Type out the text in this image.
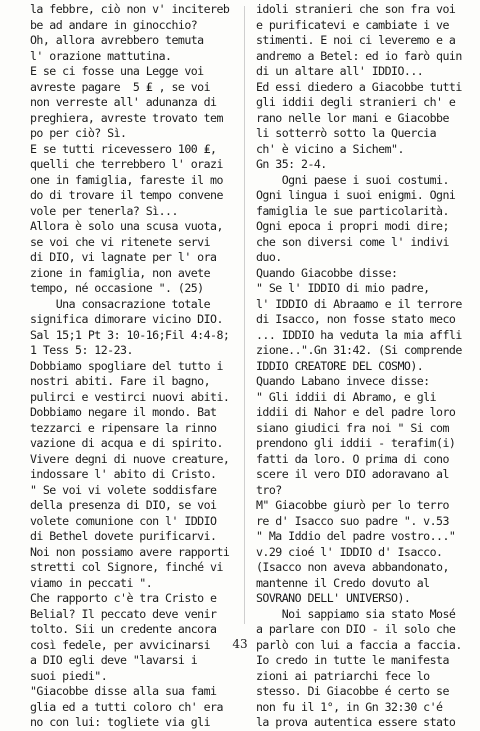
la febbre, ciò non v' incitereb
be ad andare in ginocchio?
Oh, allora avrebbero temuta
l' orazione mattutina.
E se ci fosse una Legge voi
avreste pagare  5 ₤ , se voi
non verreste all' adunanza di
preghiera, avreste trovato tem
po per ciò? Sì.
E se tutti ricevessero 100 ₤,
quelli che terrebbero l' orazi
one in famiglia, fareste il mo
do di trovare il tempo convene
vole per tenerla? Sì...
Allora è solo una scusa vuota,
se voi che vi ritenete servi
di DIO, vi lagnate per l' ora
zione in famiglia, non avete
tempo, né occasione ". (25)
Una consacrazione totale
significa dimorare vicino DIO.
Sal 15;1 Pt 3: 10-16;Fil 4:4-8;
1 Tess 5: 12-23.
Dobbiamo spogliare del tutto i
nostri abiti. Fare il bagno,
pulirci e vestirci nuovi abiti.
Dobbiamo negare il mondo. Bat
tezzarci e ripensare la rinno
vazione di acqua e di spirito.
Vivere degni di nuove creature,
indossare l' abito di Cristo.
" Se voi vi volete soddisfare
della presenza di DIO, se voi
volete comunione con l' IDDIO
di Bethel dovete purificarvi.
Noi non possiamo avere rapporti
stretti col Signore, finché vi
viamo in peccati ".
Che rapporto c'è tra Cristo e
Belial? Il peccato deve venir
tolto. Sii un credente ancora
così fedele, per avvicinarsi
a DIO egli deve "lavarsi i
suoi piedi".
"Giacobbe disse alla sua fami
glia ed a tutti coloro ch' era
no con lui: togliete via gli
idoli stranieri che son fra voi
e purificatevi e cambiate i ve
stimenti. E noi ci leveremo e a
andremo a Betel: ed io farò quin
di un altare all' IDDIO...
Ed essi diedero a Giacobbe tutti
gli iddii degli stranieri ch' e
rano nelle lor mani e Giacobbe
li sotterrò sotto la Quercia
ch' è vicino a Sichem".
Gn 35: 2-4.
Ogni paese i suoi costumi.
Ogni lingua i suoi enigmi. Ogni
famiglia le sue particolarità.
Ogni epoca i propri modi dire;
che son diversi come l' indivi
duo.
Quando Giacobbe disse:
" Se l' IDDIO di mio padre,
l' IDDIO di Abraamo e il terrore
di Isacco, non fosse stato meco
... IDDIO ha veduta la mia affli
zione..".Gn 31:42. (Si comprende
IDDIO CREATORE DEL COSMO).
Quando Labano invece disse:
" Gli iddii di Abramo, e gli
iddii di Nahor e del padre loro
siano giudici fra noi " Si com
prendono gli iddii - terafim(i)
fatti da loro. O prima di cono
scere il vero DIO adoravano al
tro?
M" Giacobbe giurò per lo terro
re d' Isacco suo padre ". v.53
" Ma Iddio del padre vostro..."
v.29 cioé l' IDDIO d' Isacco.
(Isacco non aveva abbandonato,
mantenne il Credo dovuto al
SOVRANO DELL' UNIVERSO).
Noi sappiamo sia stato Mosé
a parlare con DIO - il solo che
parlò con lui a faccia a faccia.
Io credo in tutte le manifesta
zioni ai patriarchi fece lo
stesso. Di Giacobbe é certo se
non fu il 1°, in Gn 32:30 c'é
la prova autentica essere stato
43
